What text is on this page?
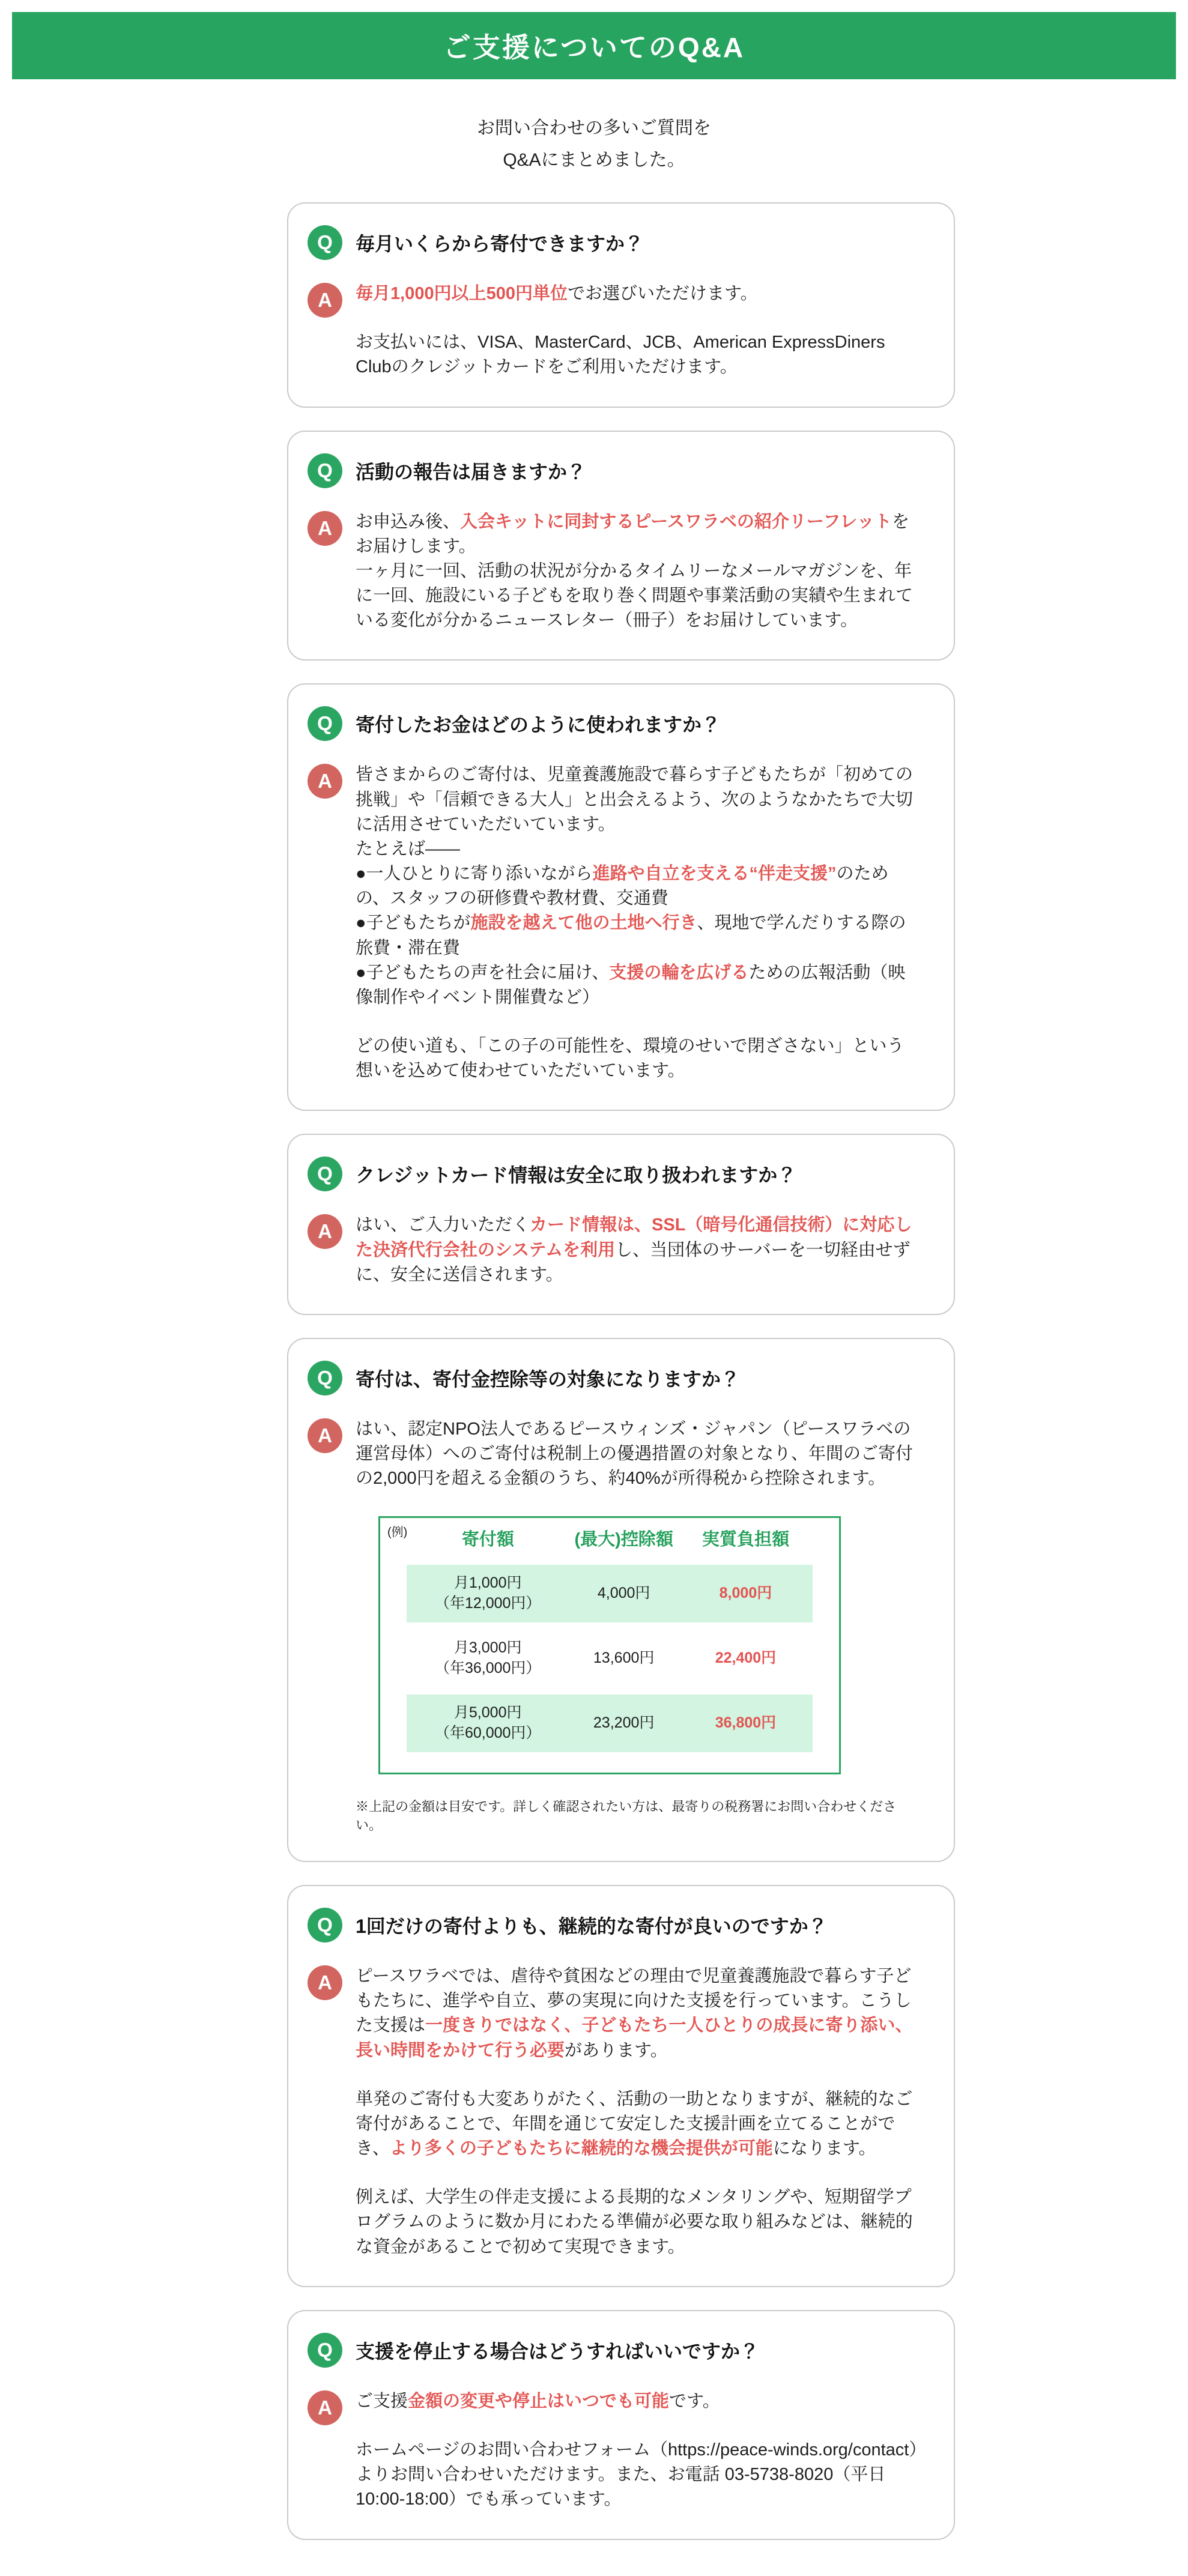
ご支援についてのQ&A
お問い合わせの多いご質問を
Q&Aにまとめました。
Q	毎月いくらから寄付できますか？
A	毎月1,000円以上500円単位でお選びいただけます。
お支払いには、VISA、MasterCard、JCB、American ExpressDiners Clubのクレジットカードをご利用いただけます。
Q	活動の報告は届きますか？
A	お申込み後、入会キットに同封するピースワラベの紹介リーフレットをお届けします。
一ヶ月に一回、活動の状況が分かるタイムリーなメールマガジンを、年に一回、施設にいる子どもを取り巻く問題や事業活動の実績や生まれている変化が分かるニュースレター（冊子）をお届けしています。
Q	寄付したお金はどのように使われますか？
A	皆さまからのご寄付は、児童養護施設で暮らす子どもたちが「初めての挑戦」や「信頼できる大人」と出会えるよう、次のようなかたちで大切に活用させていただいています。
たとえば——
●一人ひとりに寄り添いながら進路や自立を支える“伴走支援”のための、スタッフの研修費や教材費、交通費
●子どもたちが施設を越えて他の土地へ行き、現地で学んだりする際の旅費・滞在費
●子どもたちの声を社会に届け、支援の輪を広げるための広報活動（映像制作やイベント開催費など）
どの使い道も、「この子の可能性を、環境のせいで閉ざさない」という想いを込めて使わせていただいています。
Q	クレジットカード情報は安全に取り扱われますか？
A	はい、ご入力いただくカード情報は、SSL（暗号化通信技術）に対応した決済代行会社のシステムを利用し、当団体のサーバーを一切経由せずに、安全に送信されます。
Q	寄付は、寄付金控除等の対象になりますか？
A	はい、認定NPO法人であるピースウィンズ・ジャパン（ピースワラベの運営母体）へのご寄付は税制上の優遇措置の対象となり、年間のご寄付の2,000円を超える金額のうち、約40%が所得税から控除されます。
(例)	寄付額	(最大)控除額	実質負担額
月1,000円
（年12,000円）
4,000円	8,000円
月3,000円
（年36,000円）
13,600円	22,400円
月5,000円
（年60,000円）
23,200円	36,800円
※上記の金額は目安です。詳しく確認されたい方は、最寄りの税務署にお問い合わせください。
Q	1回だけの寄付よりも、継続的な寄付が良いのですか？
A	ピースワラベでは、虐待や貧困などの理由で児童養護施設で暮らす子どもたちに、進学や自立、夢の実現に向けた支援を行っています。こうした支援は一度きりではなく、子どもたち一人ひとりの成長に寄り添い、長い時間をかけて行う必要があります。
単発のご寄付も大変ありがたく、活動の一助となりますが、継続的なご寄付があることで、年間を通じて安定した支援計画を立てることができ、より多くの子どもたちに継続的な機会提供が可能になります。
例えば、大学生の伴走支援による長期的なメンタリングや、短期留学プログラムのように数か月にわたる準備が必要な取り組みなどは、継続的な資金があることで初めて実現できます。
Q	支援を停止する場合はどうすればいいですか？
A	ご支援金額の変更や停止はいつでも可能です。
ホームページのお問い合わせフォーム（https://peace-winds.org/contact）よりお問い合わせいただけます。また、お電話 03-5738-8020（平日10:00-18:00）でも承っています。
